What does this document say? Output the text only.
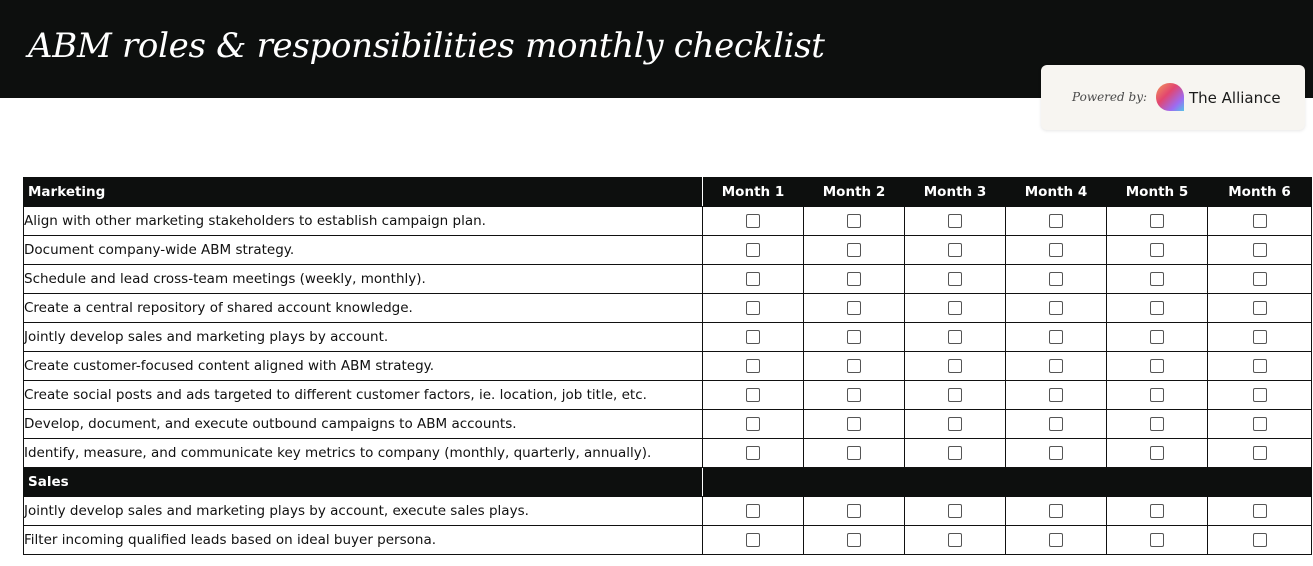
ABM roles & responsibilities monthly checklist
Powered by:	The Alliance
Marketing	Month 1	Month 2	Month 3	Month 4	Month 5	Month 6
Align with other marketing stakeholders to establish campaign plan.						
Document company-wide ABM strategy.						
Schedule and lead cross-team meetings (weekly, monthly).						
Create a central repository of shared account knowledge.						
Jointly develop sales and marketing plays by account.						
Create customer-focused content aligned with ABM strategy.						
Create social posts and ads targeted to different customer factors, ie. location, job title, etc.						
Develop, document, and execute outbound campaigns to ABM accounts.						
Identify, measure, and communicate key metrics to company (monthly, quarterly, annually).						
Sales						
Jointly develop sales and marketing plays by account, execute sales plays.						
Filter incoming qualified leads based on ideal buyer persona.						
